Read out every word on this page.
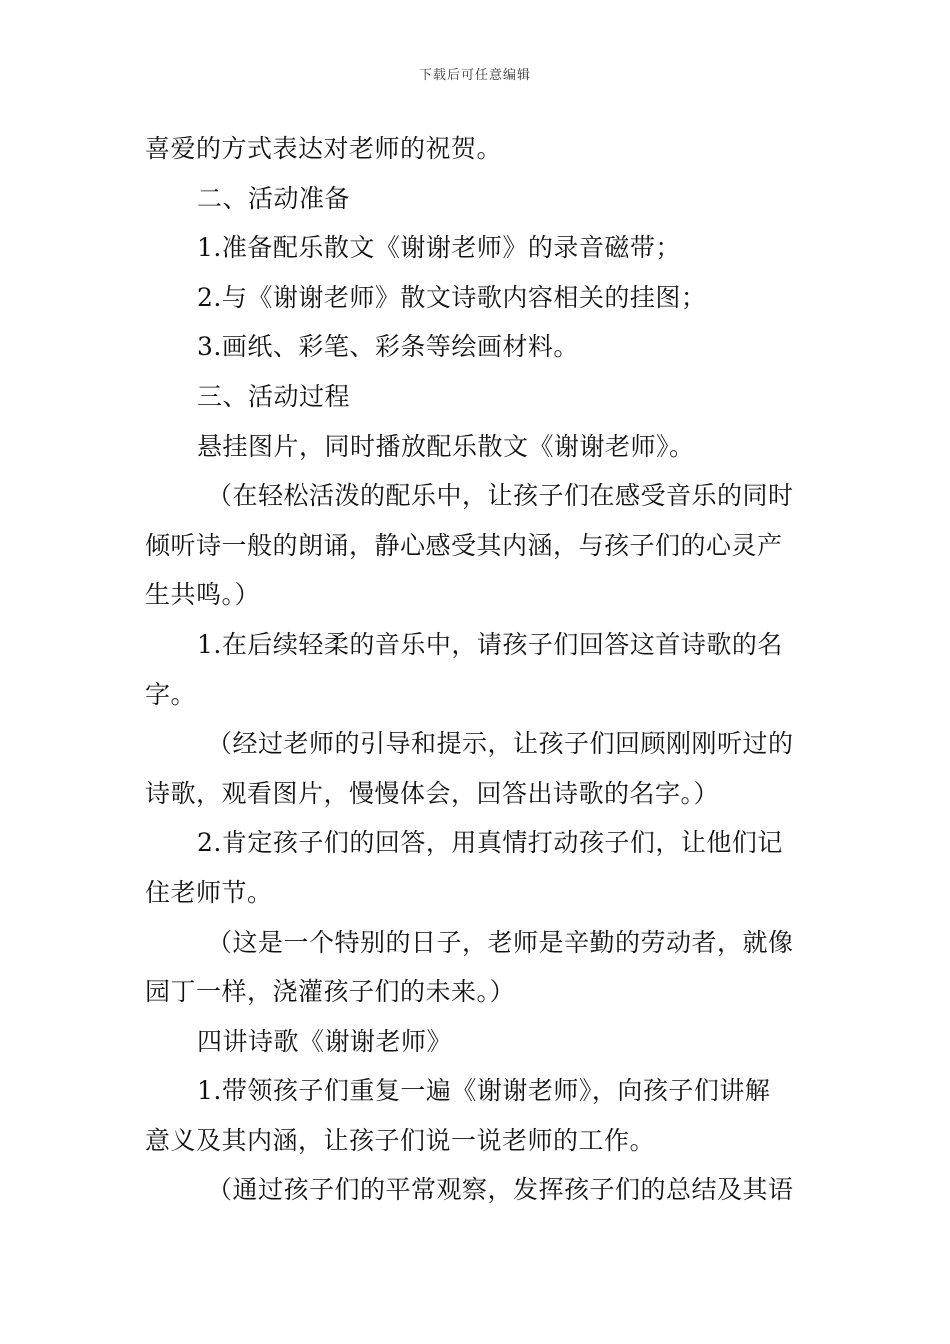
下载后可任意编辑
喜爱的方式表达对老师的祝贺。
二、活动准备
1.准备配乐散文《谢谢老师》的录音磁带；
2.与《谢谢老师》散文诗歌内容相关的挂图；
3.画纸、彩笔、彩条等绘画材料。
三、活动过程
悬挂图片，同时播放配乐散文《谢谢老师》。
（在轻松活泼的配乐中，让孩子们在感受音乐的同时
倾听诗一般的朗诵，静心感受其内涵，与孩子们的心灵产
生共鸣。）
1.在后续轻柔的音乐中，请孩子们回答这首诗歌的名
字。
（经过老师的引导和提示，让孩子们回顾刚刚听过的
诗歌，观看图片，慢慢体会，回答出诗歌的名字。）
2.肯定孩子们的回答，用真情打动孩子们，让他们记
住老师节。
（这是一个特别的日子，老师是辛勤的劳动者，就像
园丁一样，浇灌孩子们的未来。）
四讲诗歌《谢谢老师》
1.带领孩子们重复一遍《谢谢老师》，向孩子们讲解
意义及其内涵，让孩子们说一说老师的工作。
（通过孩子们的平常观察，发挥孩子们的总结及其语
